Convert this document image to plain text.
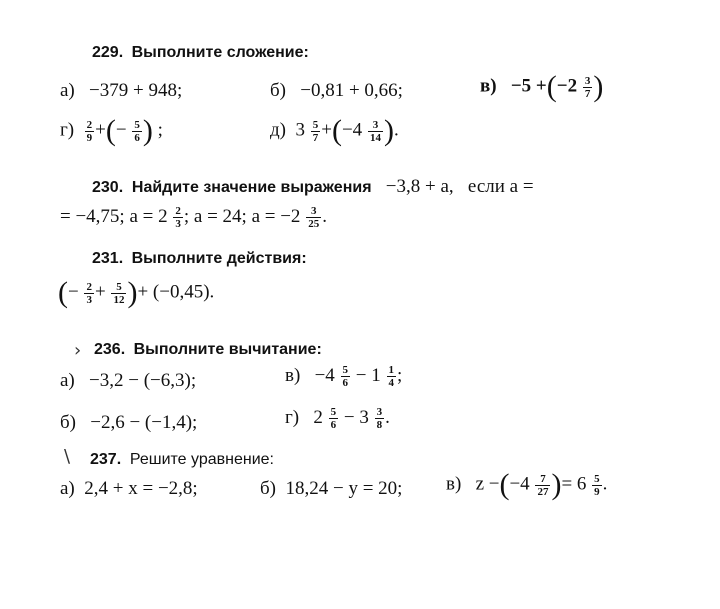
229. Выполните сложение:
а) −379 + 948;	б) −0,81 + 0,66;	$в) -5 +(-2 \frac{3}{7}$ )
$г) \frac{2}{9}$ +(− $\frac{5}{6}$ ) ;	д) $3 \frac{5}{7} +(-4 \frac{3}{14}$ ).
230. Найдите значение выражения −3,8 + a, если a =
= −4,75; $a = 2 \frac{2}{3}$ ; a = 24; $a = -2 \frac{3}{25}$ .
231. Выполните действия:
(− $\frac{2}{3} + \frac{5}{12}$ )+ (−0,45).
› 236. Выполните вычитание:
а) −3,2 − (−6,3);	$в) -4 \frac{5}{6} - 1 \frac{1}{4}$ ;
б) −2,6 − (−1,4);	г) $2 \frac{5}{6} - 3 \frac{3}{8}$ .
\ 237. Решите уравнение:
а) 2,4 + x = −2,8;	б) 18,24 − y = 20; в) $z -(-4 \frac{7}{27}$ )= $6 \frac{5}{9}$ .
